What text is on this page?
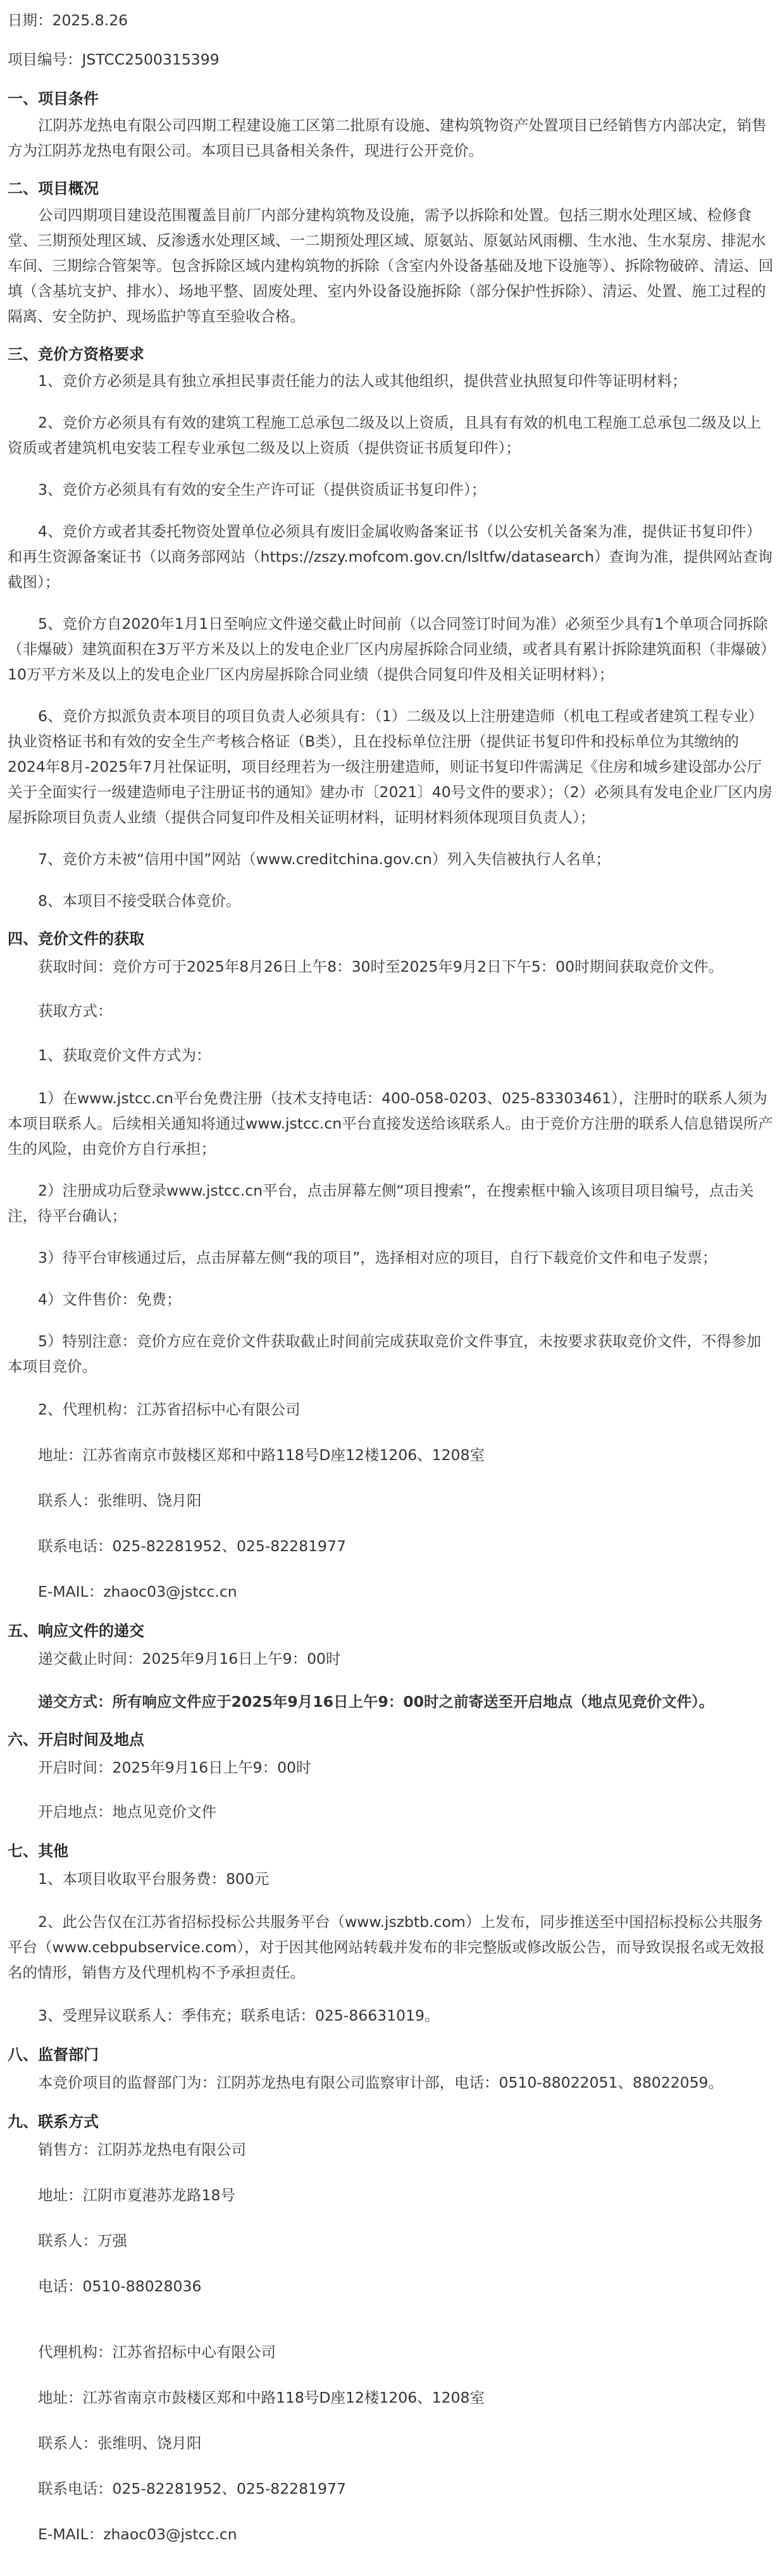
日期：2025.8.26

项目编号：JSTCC2500315399

一、项目条件

江阴苏龙热电有限公司四期工程建设施工区第二批原有设施、建构筑物资产处置项目已经销售方内部决定，销售方为江阴苏龙热电有限公司。本项目已具备相关条件，现进行公开竞价。

二、项目概况

公司四期项目建设范围覆盖目前厂内部分建构筑物及设施，需予以拆除和处置。包括三期水处理区域、检修食堂、三期预处理区域、反渗透水处理区域、一二期预处理区域、原氨站、原氨站风雨棚、生水池、生水泵房、排泥水车间、三期综合管架等。包含拆除区域内建构筑物的拆除（含室内外设备基础及地下设施等）、拆除物破碎、清运、回填（含基坑支护、排水）、场地平整、固废处理、室内外设备设施拆除（部分保护性拆除）、清运、处置、施工过程的隔离、安全防护、现场监护等直至验收合格。

三、竞价方资格要求

1、竞价方必须是具有独立承担民事责任能力的法人或其他组织，提供营业执照复印件等证明材料；

2、竞价方必须具有有效的建筑工程施工总承包二级及以上资质，且具有有效的机电工程施工总承包二级及以上资质或者建筑机电安装工程专业承包二级及以上资质（提供资证书质复印件）；

3、竞价方必须具有有效的安全生产许可证（提供资质证书复印件）；

4、竞价方或者其委托物资处置单位必须具有废旧金属收购备案证书（以公安机关备案为准，提供证书复印件）和再生资源备案证书（以商务部网站（https://zszy.mofcom.gov.cn/lsltfw/datasearch）查询为准，提供网站查询截图）；

5、竞价方自2020年1月1日至响应文件递交截止时间前（以合同签订时间为准）必须至少具有1个单项合同拆除（非爆破）建筑面积在3万平方米及以上的发电企业厂区内房屋拆除合同业绩，或者具有累计拆除建筑面积（非爆破）10万平方米及以上的发电企业厂区内房屋拆除合同业绩（提供合同复印件及相关证明材料）；

6、竞价方拟派负责本项目的项目负责人必须具有：（1）二级及以上注册建造师（机电工程或者建筑工程专业）执业资格证书和有效的安全生产考核合格证（B类），且在投标单位注册（提供证书复印件和投标单位为其缴纳的2024年8月-2025年7月社保证明，项目经理若为一级注册建造师，则证书复印件需满足《住房和城乡建设部办公厅关于全面实行一级建造师电子注册证书的通知》建办市〔2021〕40号文件的要求）；（2）必须具有发电企业厂区内房屋拆除项目负责人业绩（提供合同复印件及相关证明材料，证明材料须体现项目负责人）；

7、竞价方未被“信用中国”网站（www.creditchina.gov.cn）列入失信被执行人名单；

8、本项目不接受联合体竞价。

四、竞价文件的获取

获取时间：竞价方可于2025年8月26日上午8：30时至2025年9月2日下午5：00时期间获取竞价文件。

获取方式：

1、获取竞价文件方式为：

1）在www.jstcc.cn平台免费注册（技术支持电话：400-058-0203、025-83303461），注册时的联系人须为本项目联系人。后续相关通知将通过www.jstcc.cn平台直接发送给该联系人。由于竞价方注册的联系人信息错误所产生的风险，由竞价方自行承担；

2）注册成功后登录www.jstcc.cn平台，点击屏幕左侧“项目搜索”，在搜索框中输入该项目项目编号，点击关注，待平台确认；

3）待平台审核通过后，点击屏幕左侧“我的项目”，选择相对应的项目，自行下载竞价文件和电子发票；

4）文件售价：免费；

5）特别注意：竞价方应在竞价文件获取截止时间前完成获取竞价文件事宜，未按要求获取竞价文件，不得参加本项目竞价。

2、代理机构：江苏省招标中心有限公司

地址：江苏省南京市鼓楼区郑和中路118号D座12楼1206、1208室

联系人：张维明、饶月阳

联系电话：025-82281952、025-82281977

E-MAIL：zhaoc03@jstcc.cn

五、响应文件的递交

递交截止时间：2025年9月16日上午9：00时

递交方式：所有响应文件应于2025年9月16日上午9：00时之前寄送至开启地点（地点见竞价文件）。

六、开启时间及地点

开启时间：2025年9月16日上午9：00时

开启地点：地点见竞价文件

七、其他

1、本项目收取平台服务费：800元

2、此公告仅在江苏省招标投标公共服务平台（www.jszbtb.com）上发布，同步推送至中国招标投标公共服务平台（www.cebpubservice.com），对于因其他网站转载并发布的非完整版或修改版公告，而导致误报名或无效报名的情形，销售方及代理机构不予承担责任。

3、受理异议联系人：季伟充；联系电话：025-86631019。

八、监督部门

本竞价项目的监督部门为：江阴苏龙热电有限公司监察审计部，电话：0510-88022051、88022059。

九、联系方式

销售方：江阴苏龙热电有限公司

地址：江阴市夏港苏龙路18号

联系人：万强

电话：0510-88028036

代理机构：江苏省招标中心有限公司

地址：江苏省南京市鼓楼区郑和中路118号D座12楼1206、1208室

联系人：张维明、饶月阳

联系电话：025-82281952、025-82281977

E-MAIL：zhaoc03@jstcc.cn
